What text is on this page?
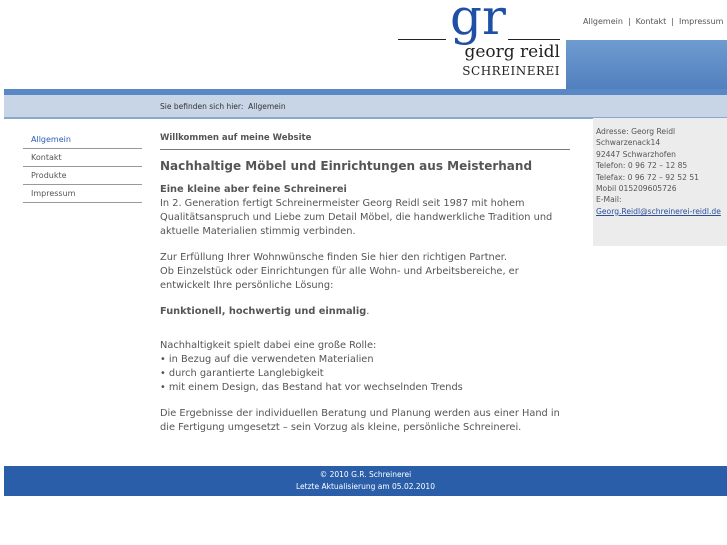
gr
georg reidl
SCHREINEREI
Allgemein | Kontakt | Impressum
Sie befinden sich hier: Allgemein
Allgemein
Kontakt
Produkte
Impressum
Willkommen auf meine Website
Nachhaltige Möbel und Einrichtungen aus Meisterhand

Eine kleine aber feine Schreinerei
In 2. Generation fertigt Schreinermeister Georg Reidl seit 1987 mit hohem Qualitätsanspruch und Liebe zum Detail Möbel, die handwerkliche Tradition und aktuelle Materialien stimmig verbinden.

Zur Erfüllung Ihrer Wohnwünsche finden Sie hier den richtigen Partner.
Ob Einzelstück oder Einrichtungen für alle Wohn- und Arbeitsbereiche, er entwickelt Ihre persönliche Lösung:

Funktionell, hochwertig und einmalig.

Nachhaltigkeit spielt dabei eine große Rolle:
• in Bezug auf die verwendeten Materialien
• durch garantierte Langlebigkeit
• mit einem Design, das Bestand hat vor wechselnden Trends

Die Ergebnisse der individuellen Beratung und Planung werden aus einer Hand in die Fertigung umgesetzt – sein Vorzug als kleine, persönliche Schreinerei.

Adresse: Georg Reidl
Schwarzenack14
92447 Schwarzhofen
Telefon: 0 96 72 – 12 85
Telefax: 0 96 72 – 92 52 51
Mobil 015209605726
E-Mail:
Georg.Reidl@schreinerei-reidl.de
© 2010 G.R. Schreinerei
Letzte Aktualisierung am 05.02.2010
